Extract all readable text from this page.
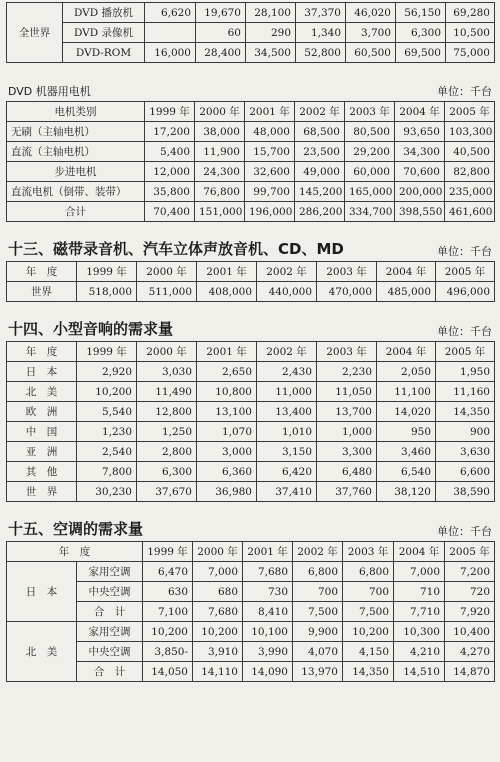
全世界	DVD 播放机	6,620	19,670	28,100	37,370	46,020	56,150	69,280
	DVD 录像机		60	290	1,340	3,700	6,300	10,500
	DVD-ROM	16,000	28,400	34,500	52,800	60,500	69,500	75,000
DVD 机器用电机	单位：千台
电机类别	1999 年	2000 年	2001 年	2002 年	2003 年	2004 年	2005 年
无刷（主轴电机）	17,200	38,000	48,000	68,500	80,500	93,650	103,300
直流（主轴电机）	5,400	11,900	15,700	23,500	29,200	34,300	40,500
步进电机	12,000	24,300	32,600	49,000	60,000	70,600	82,800
直流电机（倒带、装带）	35,800	76,800	99,700	145,200	165,000	200,000	235,000
合计	70,400	151,000	196,000	286,200	334,700	398,550	461,600
十三、磁带录音机、汽车立体声放音机、CD、MD	单位：千台
年　度	1999 年	2000 年	2001 年	2002 年	2003 年	2004 年	2005 年
世界	518,000	511,000	408,000	440,000	470,000	485,000	496,000
十四、小型音响的需求量	单位：千台
年　度	1999 年	2000 年	2001 年	2002 年	2003 年	2004 年	2005 年
日　本	2,920	3,030	2,650	2,430	2,230	2,050	1,950
北　美	10,200	11,490	10,800	11,000	11,050	11,100	11,160
欧　洲	5,540	12,800	13,100	13,400	13,700	14,020	14,350
中　国	1,230	1,250	1,070	1,010	1,000	950	900
亚　洲	2,540	2,800	3,000	3,150	3,300	3,460	3,630
其　他	7,800	6,300	6,360	6,420	6,480	6,540	6,600
世　界	30,230	37,670	36,980	37,410	37,760	38,120	38,590
十五、空调的需求量	单位：千台
年　度		1999 年	2000 年	2001 年	2002 年	2003 年	2004 年	2005 年
日　本	家用空调	6,470	7,000	7,680	6,800	6,800	7,000	7,200
	中央空调	630	680	730	700	700	710	720
	合　计	7,100	7,680	8,410	7,500	7,500	7,710	7,920
北　美	家用空调	10,200	10,200	10,100	9,900	10,200	10,300	10,400
	中央空调	3,850-	3,910	3,990	4,070	4,150	4,210	4,270
	合　计	14,050	14,110	14,090	13,970	14,350	14,510	14,870
